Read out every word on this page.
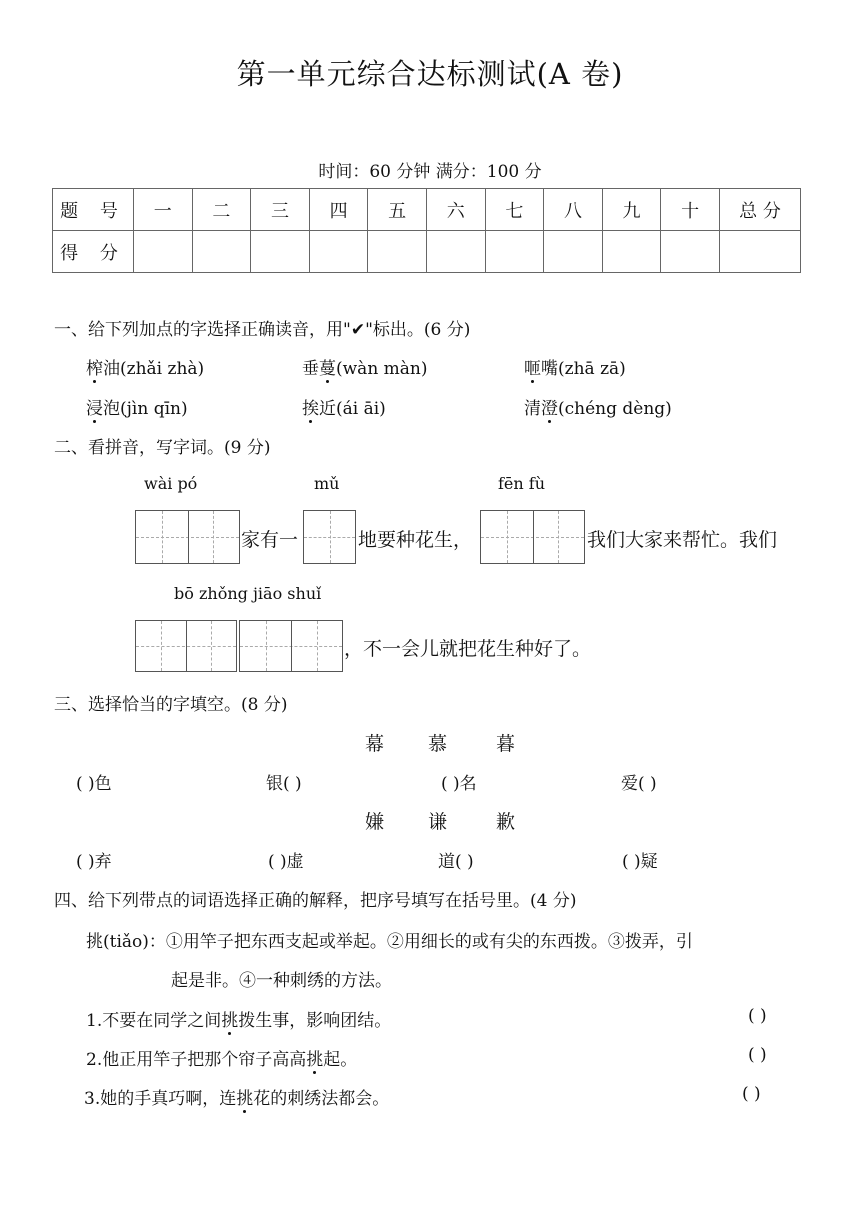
第一单元综合达标测试(A 卷)
时间：60 分钟 满分：100 分
题 号	一	二	三	四	五	六	七	八	九	十	总 分
得 分											
一、给下列加点的字选择正确读音，用"✔"标出。(6 分)
榨油(zhǎi zhà)	垂蔓(wàn màn)	咂嘴(zhā zā)
浸泡(jìn qīn)	挨近(ái āi)	清澄(chéng dèng)
二、看拼音，写字词。(9 分)
wài pó	mǔ	fēn fù
家有一	地要种花生，	我们大家来帮忙。我们
bō zhǒng jiāo shuǐ
，不一会儿就把花生种好了。
三、选择恰当的字填空。(8 分)
幕 慕	暮
( )色	银( )	( )名	爱( )
嫌 谦	歉
( )弃	( )虚	道( )	( )疑
四、给下列带点的词语选择正确的解释，把序号填写在括号里。(4 分)
挑(tiǎo)：①用竿子把东西支起或举起。②用细长的或有尖的东西拨。③拨弄，引
起是非。④一种刺绣的方法。
1.不要在同学之间挑拨生事，影响团结。	( )
2.他正用竿子把那个帘子高高挑起。	( )
3.她的手真巧啊，连挑花的刺绣法都会。	( )
